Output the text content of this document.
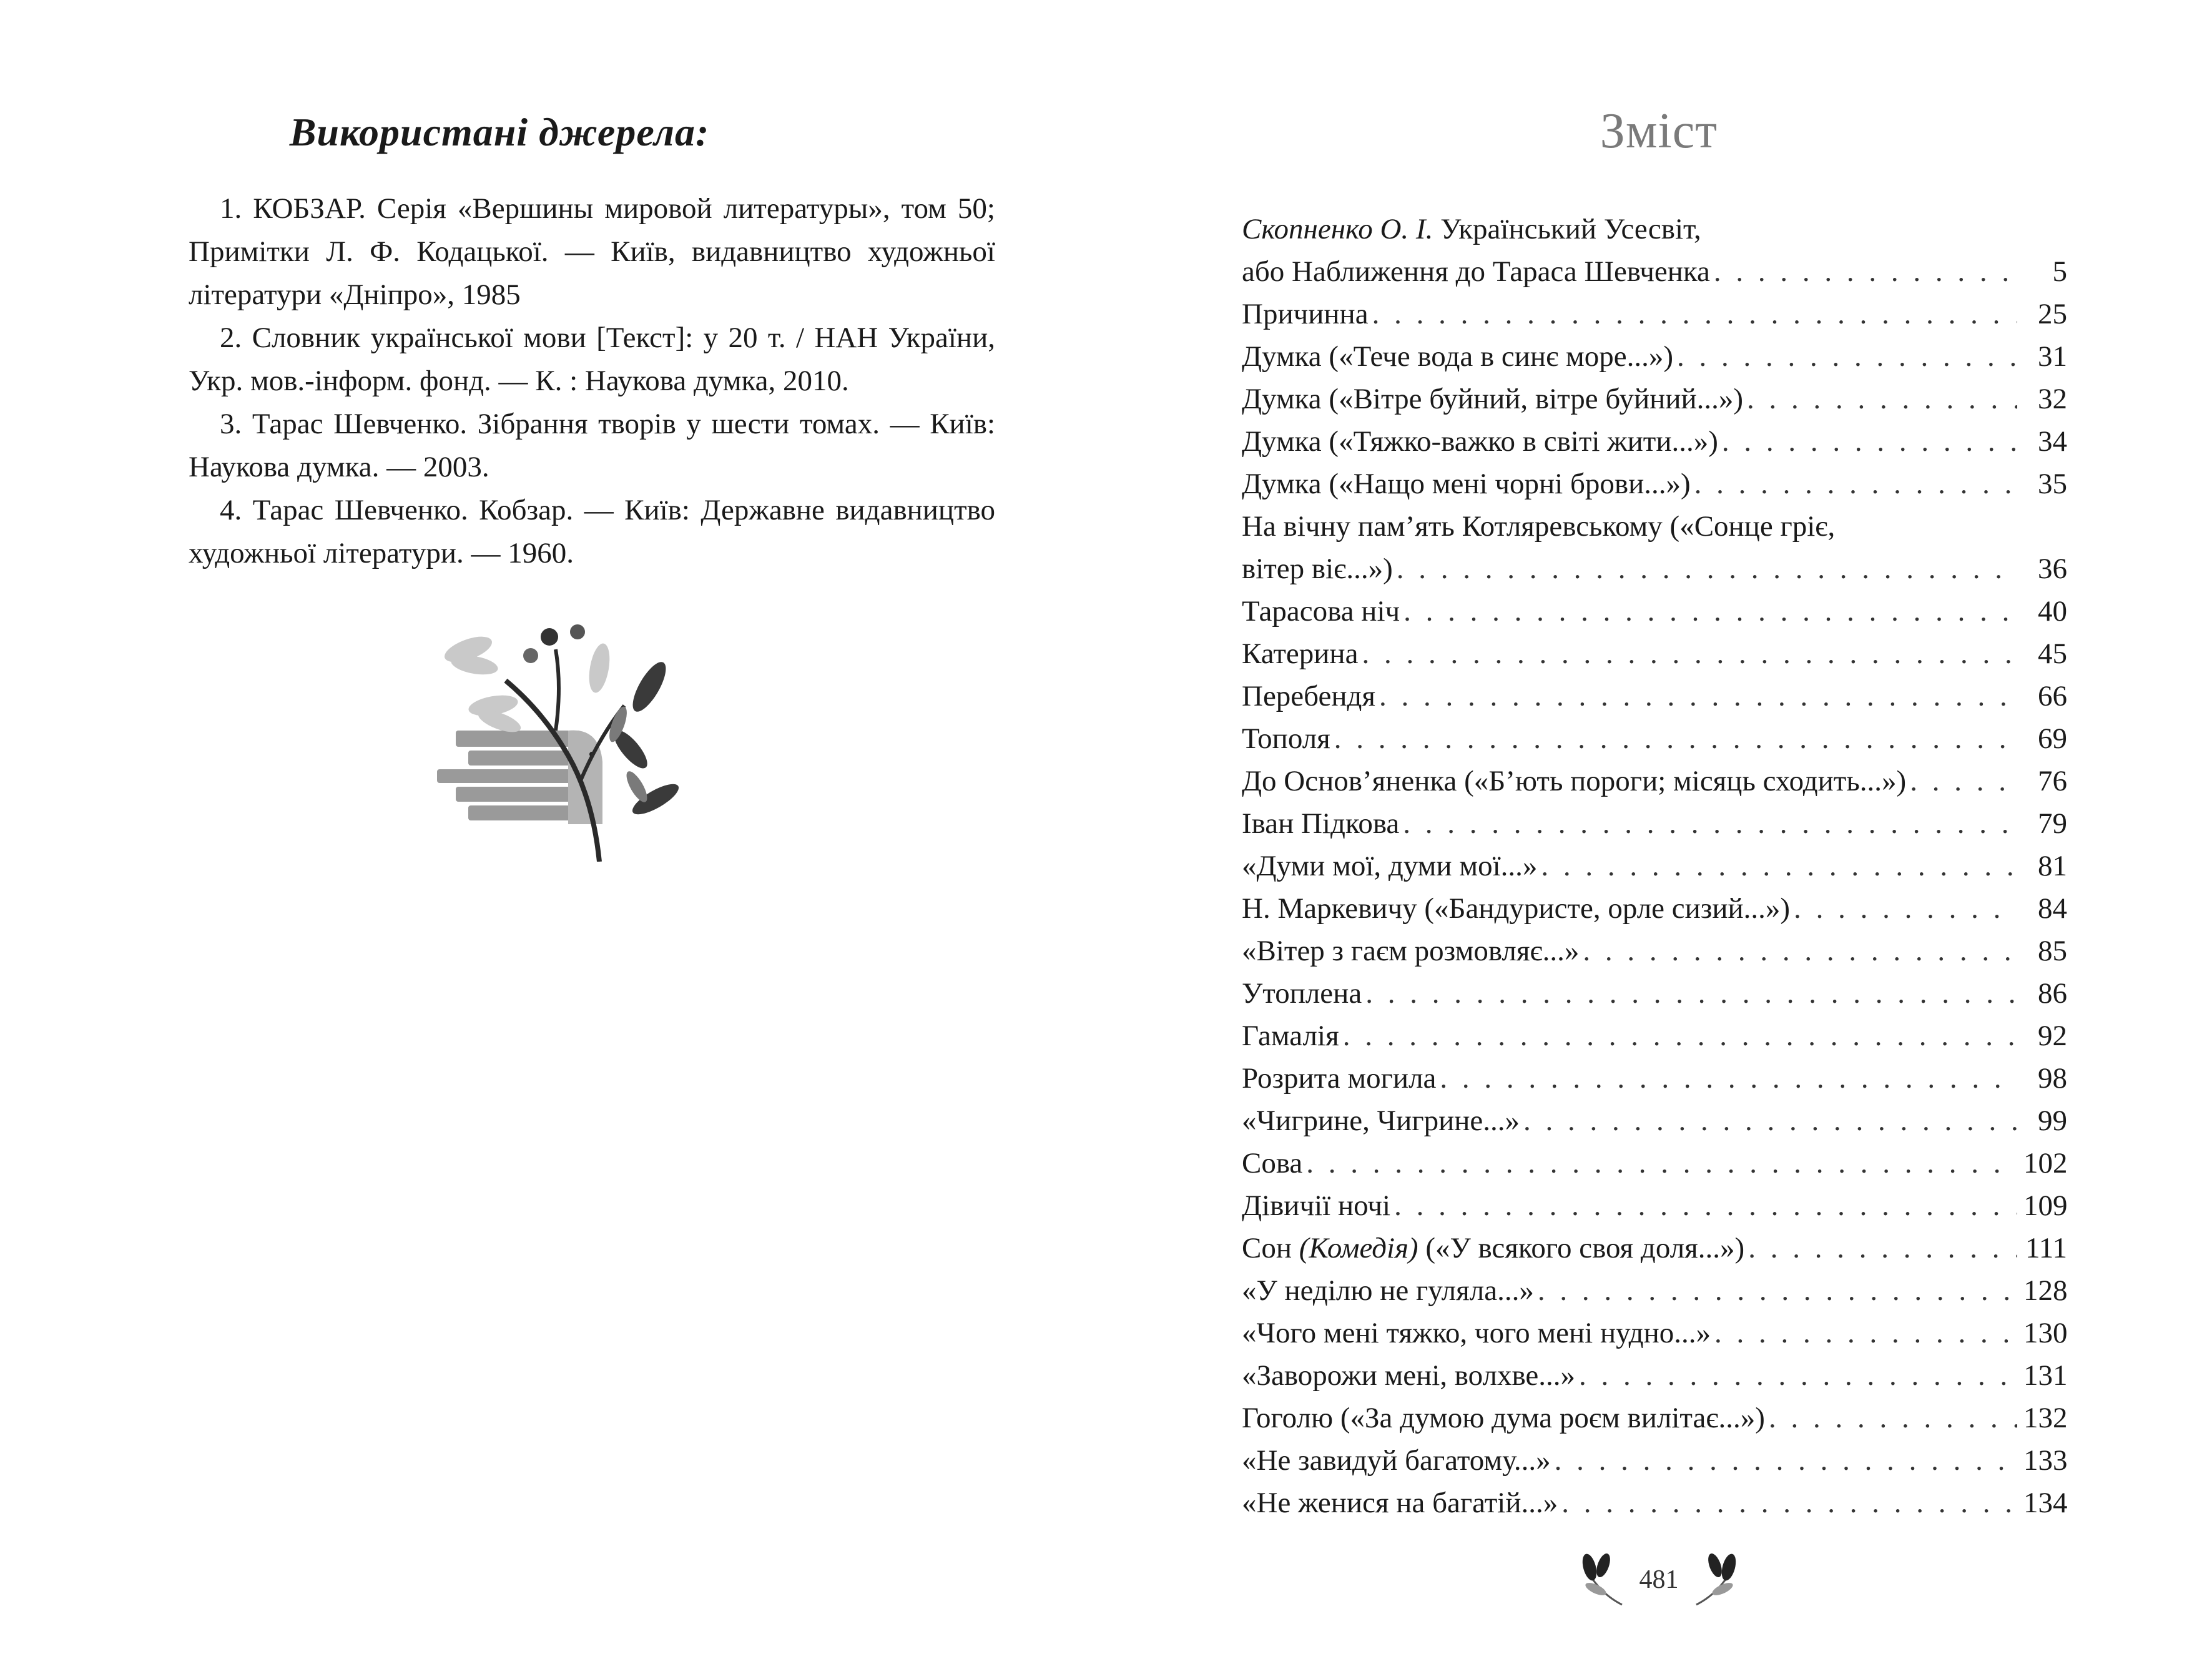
Використані джерела:

1. КОБЗАР. Серія «Вершины мировой литературы», том 50; Примітки Л. Ф. Кодацької. — Київ, видавництво художньої літератури «Дніпро», 1985

2. Словник української мови [Текст]: у 20 т. / НАН України, Укр. мов.-інформ. фонд. — К. : Наукова думка, 2010.

3. Тарас Шевченко. Зібрання творів у шести томах. — Київ: Наукова думка. — 2003.

4. Тарас Шевченко. Кобзар. — Київ: Державне видавництво художньої літератури. — 1960.

Зміст
Скопненко О. І. Український Усесвіт,
або Наближення до Тараса Шевченка . . .	5
Причинна . . .	25
Думка («Тече вода в синє море...») . . .	31
Думка («Вітре буйний, вітре буйний...») . . .	32
Думка («Тяжко-важко в світі жити...») . . .	34
Думка («Нащо мені чорні брови...») . . .	35
На вічну пам’ять Котляревському («Сонце гріє,
вітер віє...») . . .	36
Тарасова ніч . . .	40
Катерина . . .	45
Перебендя . . .	66
Тополя . . .	69
До Основ’яненка («Б’ють пороги; місяць сходить...») . . .	76
Іван Підкова . . .	79
«Думи мої, думи мої...» . . .	81
Н. Маркевичу («Бандуристе, орле сизий...») . . .	84
«Вітер з гаєм розмовляє...» . . .	85
Утоплена . . .	86
Гамалія . . .	92
Розрита могила . . .	98
«Чигрине, Чигрине...» . . .	99
Сова . . .	102
Дівичії ночі . . .	109
Сон (Комедія) («У всякого своя доля...») . . .	111
«У неділю не гуляла...» . . .	128
«Чого мені тяжко, чого мені нудно...» . . .	130
«Заворожи мені, волхве...» . . .	131
Гоголю («За думою дума роєм вилітає...») . . .	132
«Не завидуй багатому...» . . .	133
«Не женися на багатій...» . . .	134
481
